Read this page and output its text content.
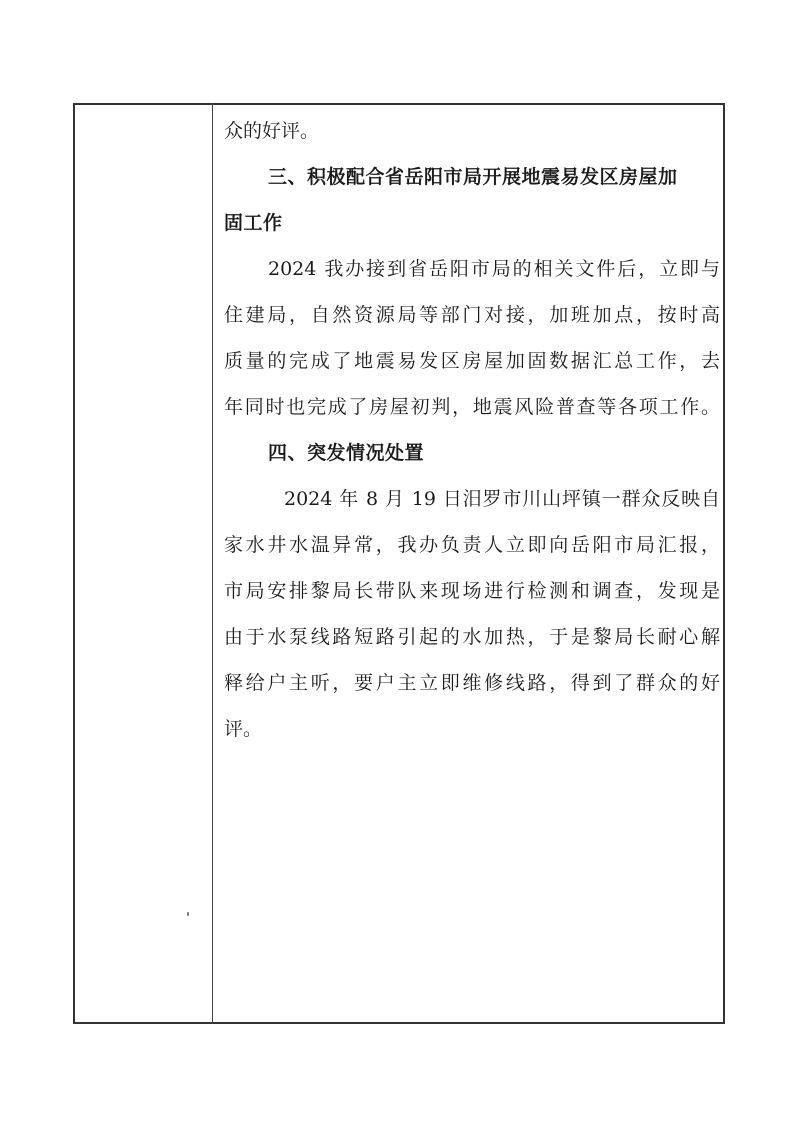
众的好评。
三、积极配合省岳阳市局开展地震易发区房屋加
固工作
2024 我办接到省岳阳市局的相关文件后，立即与
住建局，自然资源局等部门对接，加班加点，按时高
质量的完成了地震易发区房屋加固数据汇总工作，去
年同时也完成了房屋初判，地震风险普查等各项工作。
四、突发情况处置
2024 年 8 月 19 日汨罗市川山坪镇一群众反映自
家水井水温异常，我办负责人立即向岳阳市局汇报，
市局安排黎局长带队来现场进行检测和调查，发现是
由于水泵线路短路引起的水加热，于是黎局长耐心解
释给户主听，要户主立即维修线路，得到了群众的好
评。
